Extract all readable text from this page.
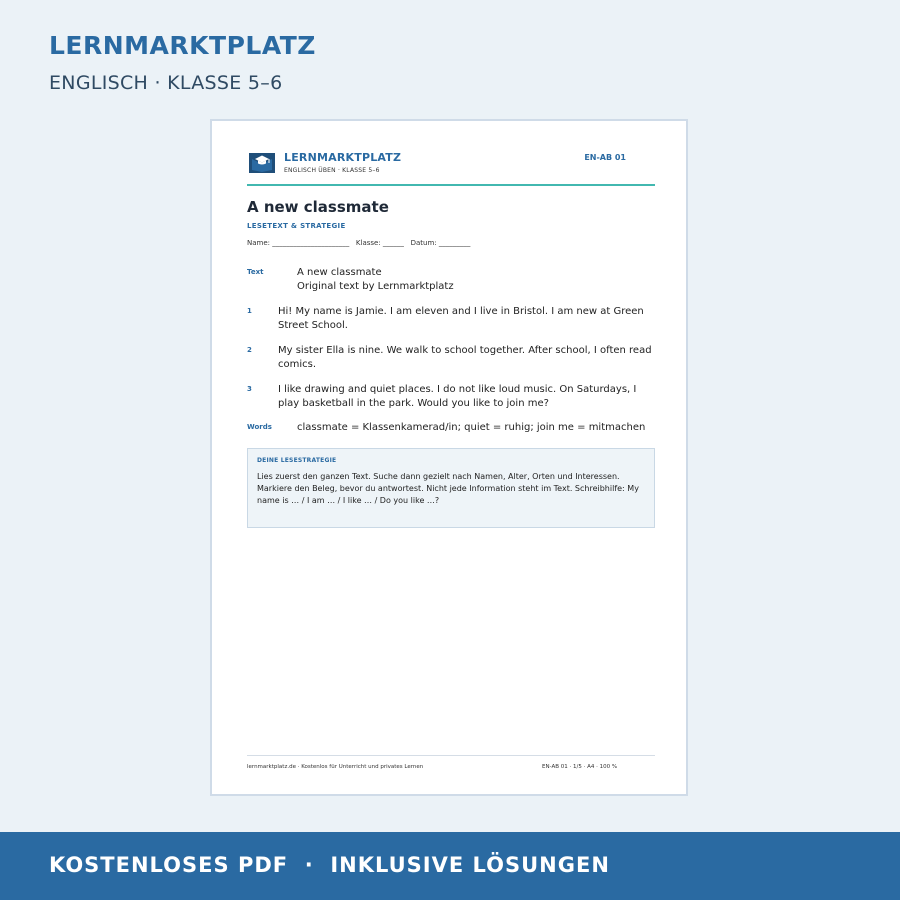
LERNMARKTPLATZ
ENGLISCH · KLASSE 5–6
LERNMARKTPLATZ
ENGLISCH ÜBEN · KLASSE 5–6
EN-AB 01
A new classmate
LESETEXT & STRATEGIE
Name: ______________________   Klasse: ______   Datum: _________
Text	A new classmate
Original text by Lernmarktplatz
1	Hi! My name is Jamie. I am eleven and I live in Bristol. I am new at Green Street School.
2	My sister Ella is nine. We walk to school together. After school, I often read comics.
3	I like drawing and quiet places. I do not like loud music. On Saturdays, I play basketball in the park. Would you like to join me?
Words	classmate = Klassenkamerad/in; quiet = ruhig; join me = mitmachen
DEINE LESESTRATEGIE
Lies zuerst den ganzen Text. Suche dann gezielt nach Namen, Alter, Orten und Interessen. Markiere den Beleg, bevor du antwortest. Nicht jede Information steht im Text. Schreibhilfe: My name is … / I am … / I like … / Do you like …?
lernmarktplatz.de · Kostenlos für Unterricht und privates Lernen	EN-AB 01 · 1/5 · A4 · 100 %
KOSTENLOSES PDF  ·  INKLUSIVE LÖSUNGEN
